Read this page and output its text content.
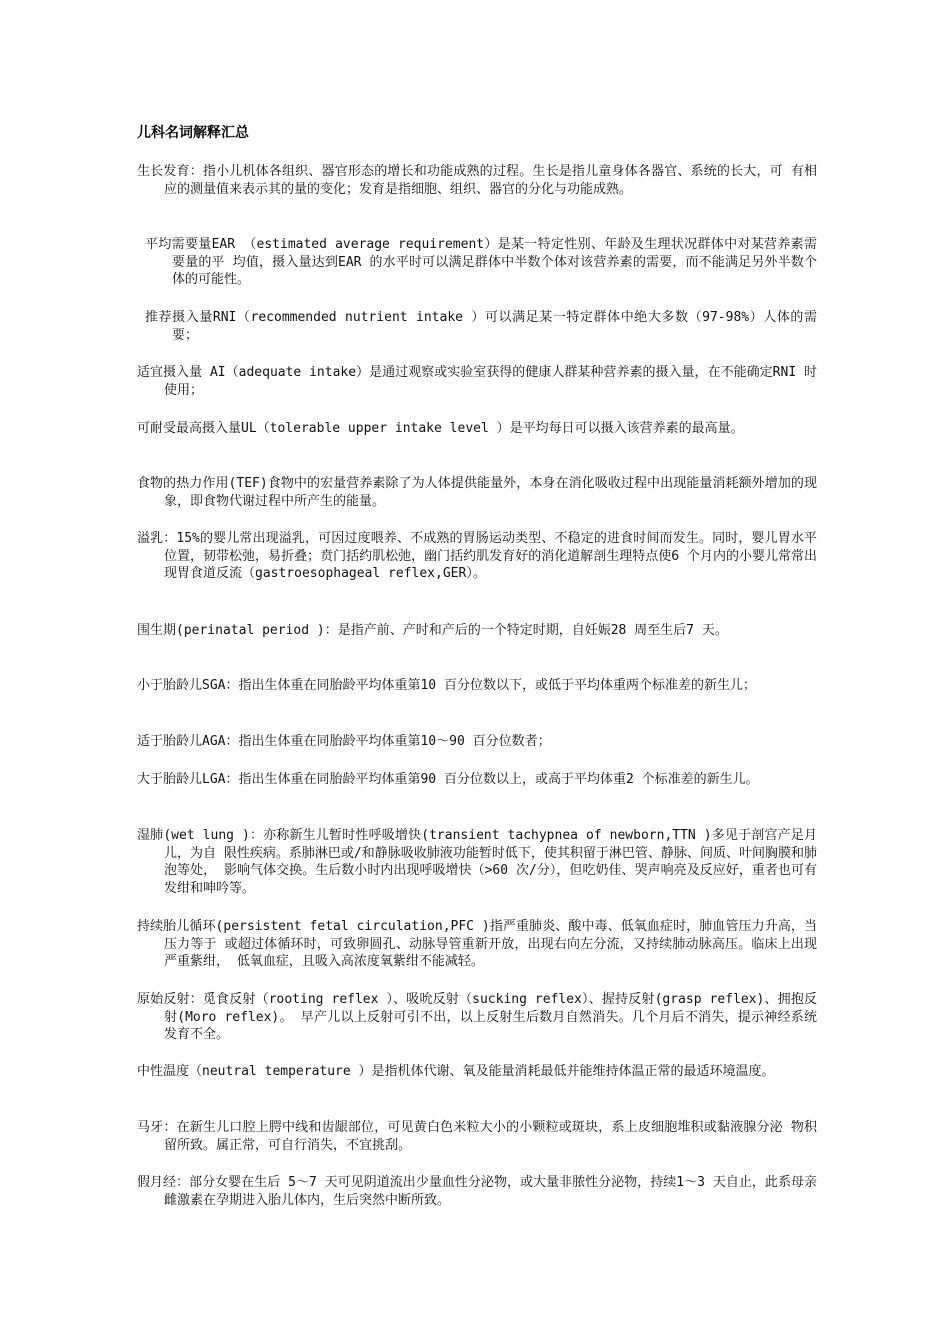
儿科名词解释汇总

生长发育：指小儿机体各组织、器官形态的增长和功能成熟的过程。生长是指儿童身体各器官、系统的长大，可 有相应的测量值来表示其的量的变化；发育是指细胞、组织、器官的分化与功能成熟。

平均需要量EAR （estimated average requirement）是某一特定性别、年龄及生理状况群体中对某营养素需要量的平 均值，摄入量达到EAR 的水平时可以满足群体中半数个体对该营养素的需要，而不能满足另外半数个体的可能性。

推荐摄入量RNI（recommended nutrient intake ）可以满足某一特定群体中绝大多数（97-98%）人体的需要；

适宜摄入量 AI（adequate intake）是通过观察或实验室获得的健康人群某种营养素的摄入量，在不能确定RNI 时使用；

可耐受最高摄入量UL（tolerable upper intake level ）是平均每日可以摄入该营养素的最高量。

食物的热力作用(TEF)食物中的宏量营养素除了为人体提供能量外，本身在消化吸收过程中出现能量消耗额外增加的现象，即食物代谢过程中所产生的能量。

溢乳：15%的婴儿常出现溢乳，可因过度喂养、不成熟的胃肠运动类型、不稳定的进食时间而发生。同时，婴儿胃水平位置，韧带松弛，易折叠；贲门括约肌松弛，幽门括约肌发育好的消化道解剖生理特点使6 个月内的小婴儿常常出现胃食道反流（gastroesophageal reflex,GER）。

围生期(perinatal period )：是指产前、产时和产后的一个特定时期，自妊娠28 周至生后7 天。

小于胎龄儿SGA：指出生体重在同胎龄平均体重第10 百分位数以下，或低于平均体重两个标准差的新生儿；

适于胎龄儿AGA：指出生体重在同胎龄平均体重第10～90 百分位数者；

大于胎龄儿LGA：指出生体重在同胎龄平均体重第90 百分位数以上，或高于平均体重2 个标准差的新生儿。

湿肺(wet lung )：亦称新生儿暂时性呼吸增快(transient tachypnea of newborn,TTN )多见于剖宫产足月儿，为自 限性疾病。系肺淋巴或/和静脉吸收肺液功能暂时低下，使其积留于淋巴管、静脉、间质、叶间胸膜和肺泡等处， 影响气体交换。生后数小时内出现呼吸增快（>60 次/分），但吃奶佳、哭声响亮及反应好，重者也可有发绀和呻吟等。

持续胎儿循环(persistent fetal circulation,PFC )指严重肺炎、酸中毒、低氧血症时，肺血管压力升高，当压力等于 或超过体循环时，可致卵圆孔、动脉导管重新开放，出现右向左分流，又持续肺动脉高压。临床上出现严重紫绀， 低氧血症，且吸入高浓度氧紫绀不能减轻。

原始反射：觅食反射（rooting reflex ）、吸吮反射（sucking reflex）、握持反射(grasp reflex)、拥抱反射(Moro reflex)。 早产儿以上反射可引不出，以上反射生后数月自然消失。几个月后不消失，提示神经系统发育不全。

中性温度（neutral temperature ）是指机体代谢、氧及能量消耗最低并能维持体温正常的最适环境温度。

马牙：在新生儿口腔上腭中线和齿龈部位，可见黄白色米粒大小的小颗粒或斑块，系上皮细胞堆积或黏液腺分泌 物积留所致。属正常，可自行消失，不宜挑刮。

假月经：部分女婴在生后 5～7 天可见阴道流出少量血性分泌物，或大量非脓性分泌物，持续1～3 天自止，此系母亲雌激素在孕期进入胎儿体内，生后突然中断所致。
